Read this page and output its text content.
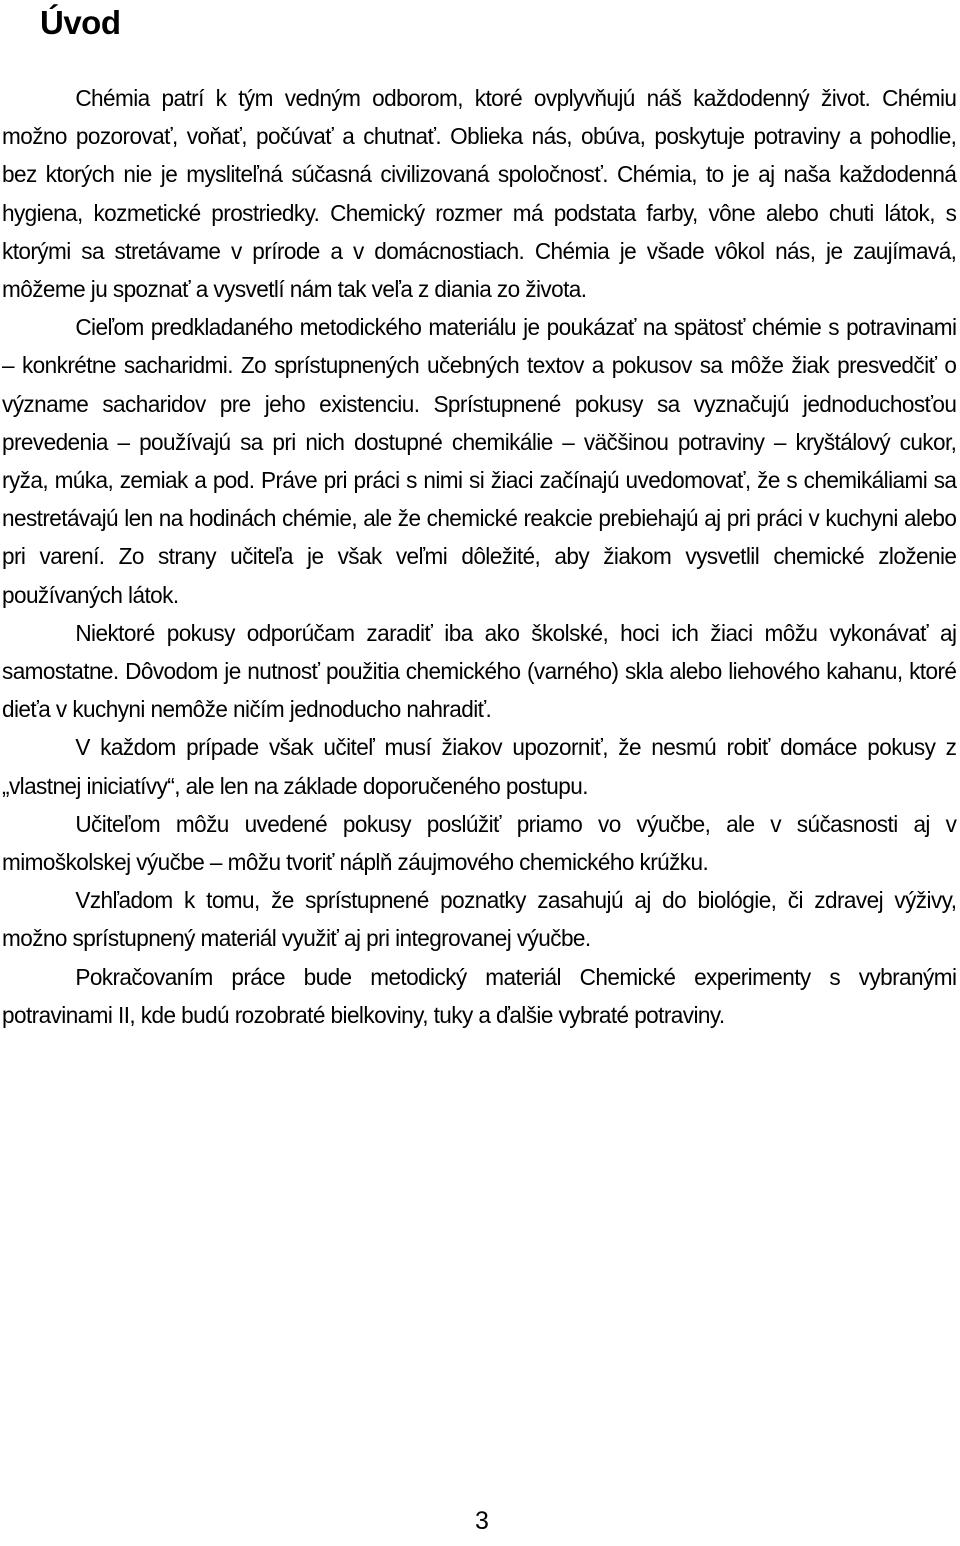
Úvod

Chémia patrí k tým vedným odborom, ktoré ovplyvňujú náš každodenný život. Chémiu možno pozorovať, voňať, počúvať a chutnať. Oblieka nás, obúva, poskytuje potraviny a pohodlie, bez ktorých nie je mysliteľná súčasná civilizovaná spoločnosť. Chémia, to je aj naša každodenná hygiena, kozmetické prostriedky. Chemický rozmer má podstata farby, vône alebo chuti látok, s ktorými sa stretávame v prírode a v domácnostiach. Chémia je všade vôkol nás, je zaujímavá, môžeme ju spoznať a vysvetlí nám tak veľa z diania zo života.

Cieľom predkladaného metodického materiálu je poukázať na spätosť chémie s potravinami – konkrétne sacharidmi. Zo sprístupnených učebných textov a pokusov sa môže žiak presvedčiť o význame sacharidov pre jeho existenciu. Sprístupnené pokusy sa vyznačujú jednoduchosťou prevedenia – používajú sa pri nich dostupné chemikálie – väčšinou potraviny – kryštálový cukor, ryža, múka, zemiak a pod. Práve pri práci s nimi si žiaci začínajú uvedomovať, že s chemikáliami sa nestretávajú len na hodinách chémie, ale že chemické reakcie prebiehajú aj pri práci v kuchyni alebo pri varení. Zo strany učiteľa je však veľmi dôležité, aby žiakom vysvetlil chemické zloženie používaných látok.

Niektoré pokusy odporúčam zaradiť iba ako školské, hoci ich žiaci môžu vykonávať aj samostatne. Dôvodom je nutnosť použitia chemického (varného) skla alebo liehového kahanu, ktoré dieťa v kuchyni nemôže ničím jednoducho nahradiť.

V každom prípade však učiteľ musí žiakov upozorniť, že nesmú robiť domáce pokusy z „vlastnej iniciatívy“, ale len na základe doporučeného postupu.

Učiteľom môžu uvedené pokusy poslúžiť priamo vo výučbe, ale v súčasnosti aj v mimoškolskej výučbe – môžu tvoriť náplň záujmového chemického krúžku.

Vzhľadom k tomu, že sprístupnené poznatky zasahujú aj do biológie, či zdravej výživy, možno sprístupnený materiál využiť aj pri integrovanej výučbe.

Pokračovaním práce bude metodický materiál Chemické experimenty s vybranými potravinami II, kde budú rozobraté bielkoviny, tuky a ďalšie vybraté potraviny.

3
